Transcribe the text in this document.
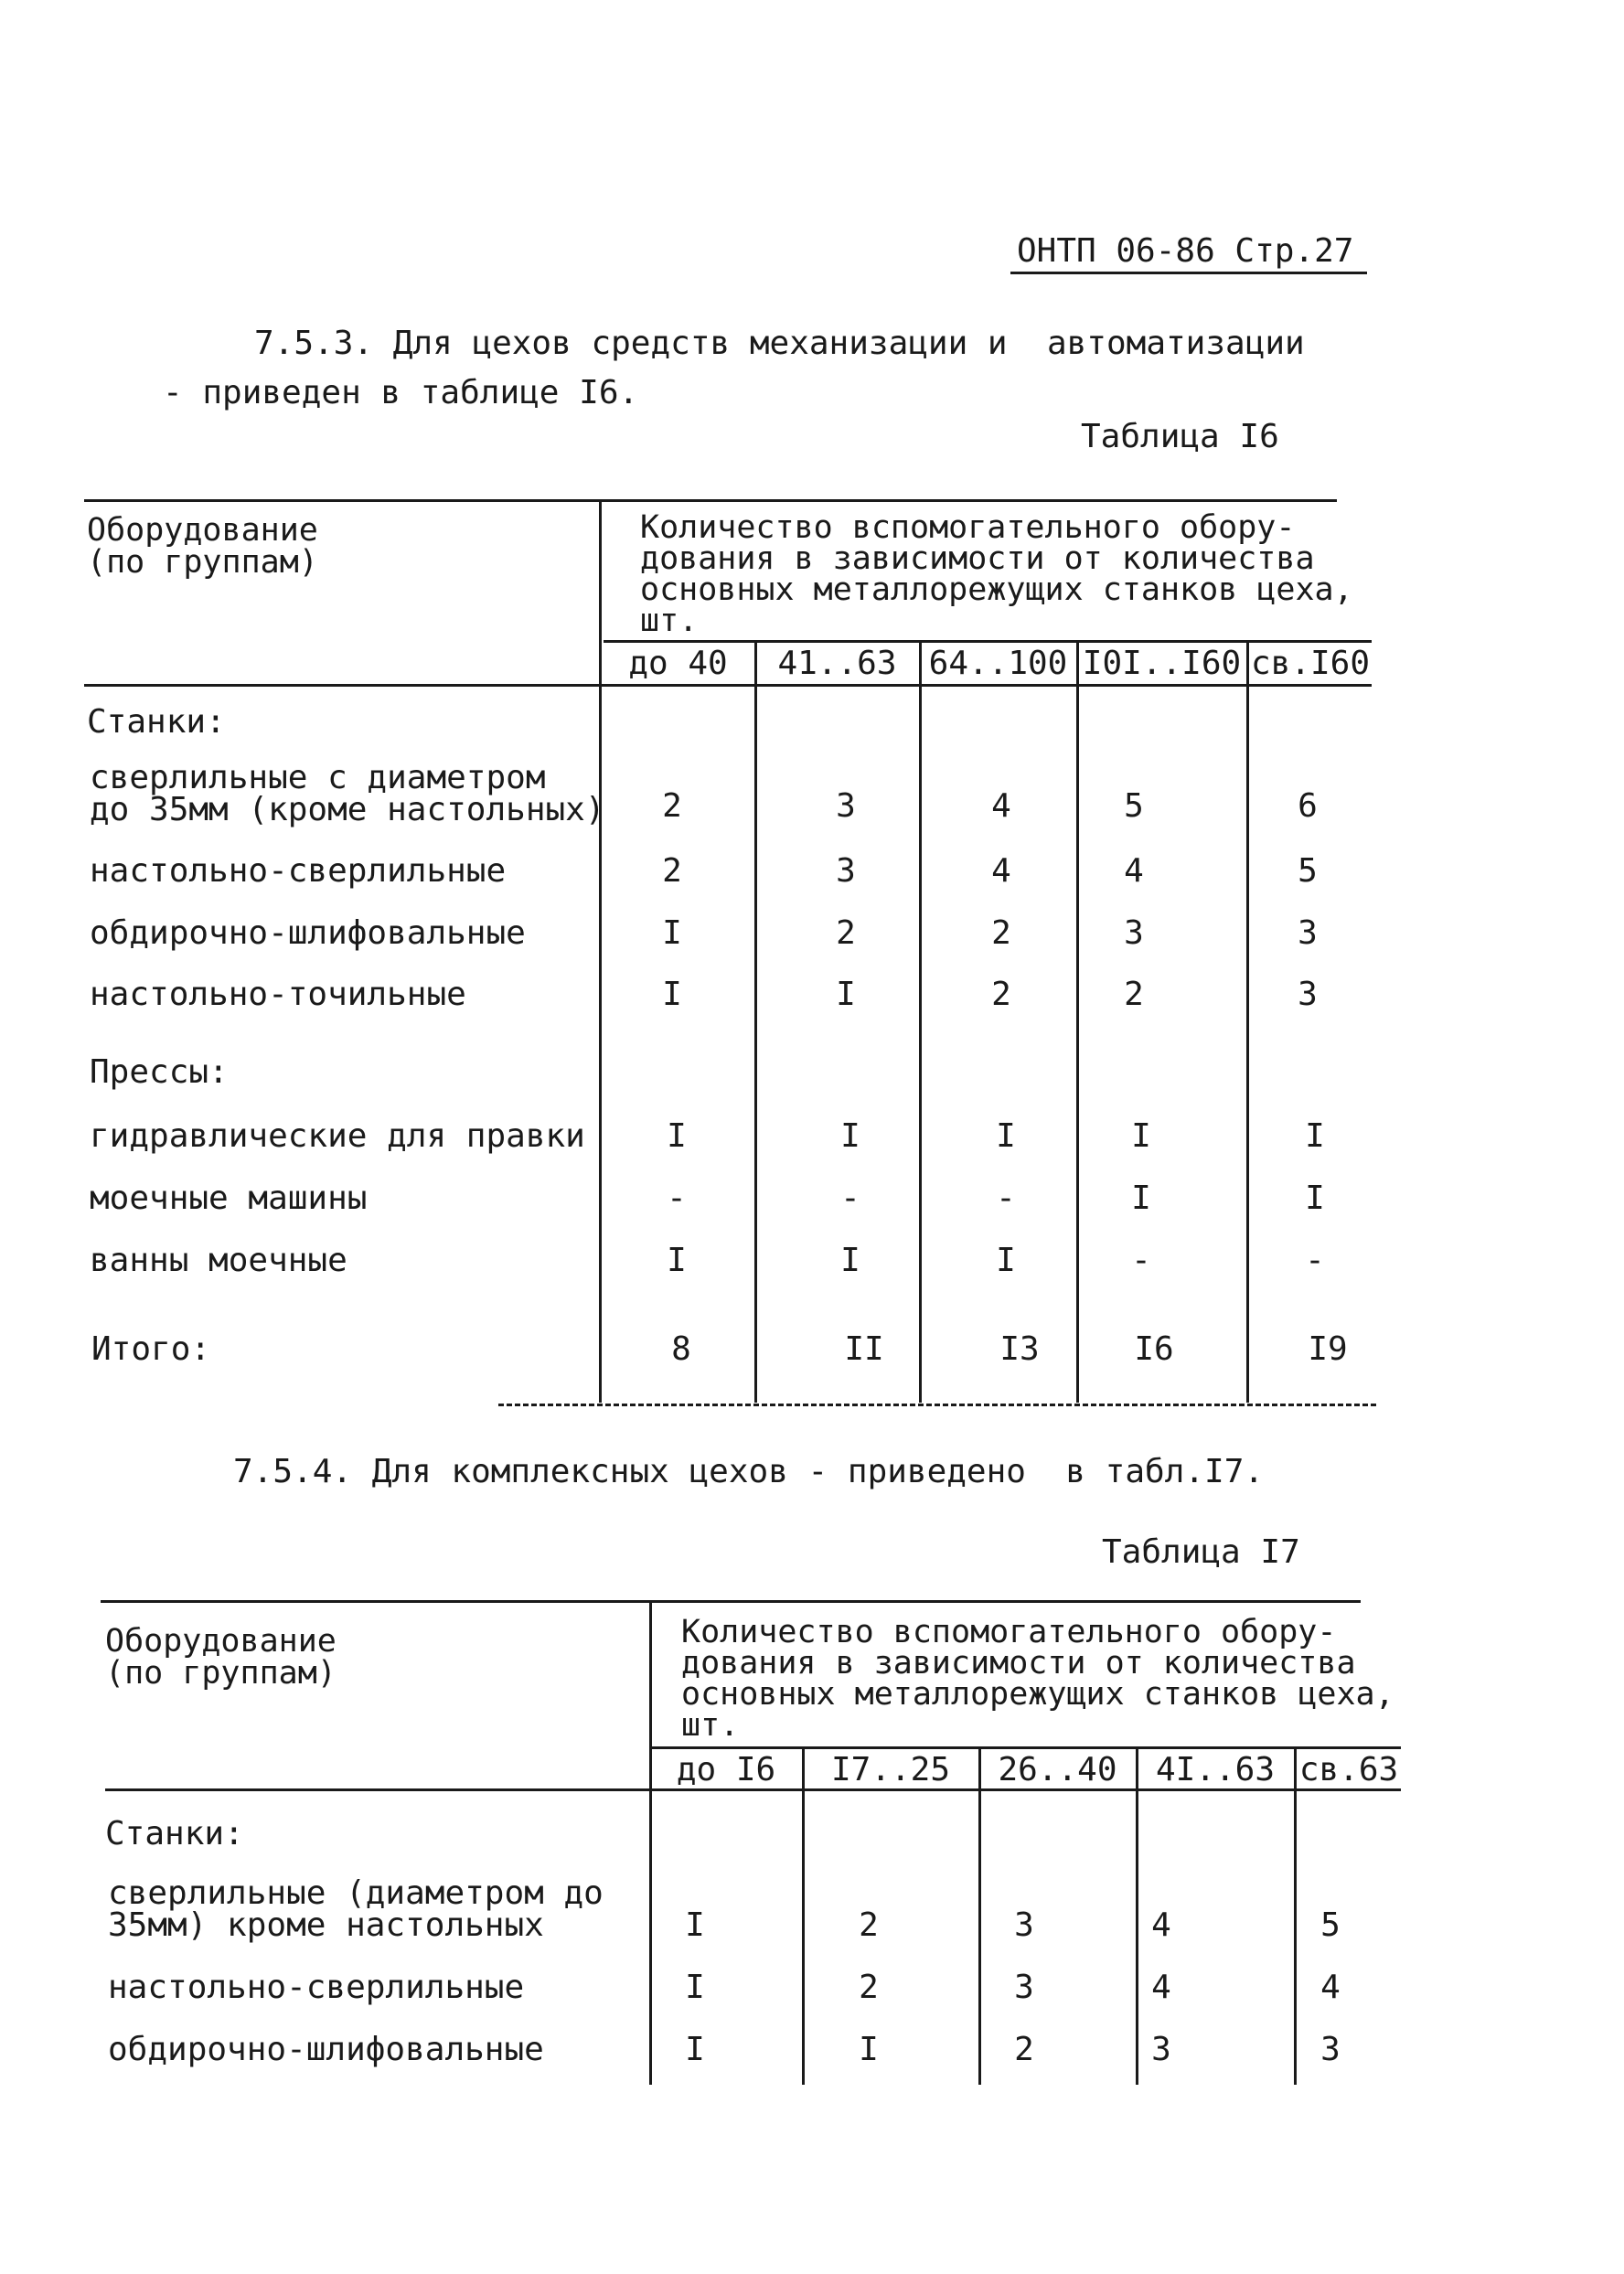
ОНТП 06-86 Стр.27
7.5.3. Для цехов средств механизации и  автоматизации
- приведен в таблице I6.
Таблица I6
Оборудование
(по группам)
Количество вспомогательного обору-
дования в зависимости от количества
основных металлорежущих станков цеха,
шт.
до 40	41..63 64..100 I0I..I60 св.I60
Станки:
сверлильные с диаметром
до 35мм (кроме настольных)	2	3	4	5	6
настольно-сверлильные	2	3	4	4	5
обдирочно-шлифовальные	I	2	2	3	3
настольно-точильные	I	I	2	2	3
Прессы:
гидравлические для правки	I	I	I	I	I
моечные машины	-	-	-	I	I
ванны моечные	I	I	I	-	-
Итого:	8	II	I3	I6	I9
7.5.4. Для комплексных цехов - приведено  в табл.I7.
Таблица I7
Оборудование
(по группам)
Количество вспомогательного обору-
дования в зависимости от количества
основных металлорежущих станков цеха,
шт.
до I6	I7..25	26..40	4I..63 св.63
Станки:
сверлильные (диаметром до
35мм) кроме настольных	I	2	3	4	5
настольно-сверлильные	I	2	3	4	4
обдирочно-шлифовальные	I	I	2	3	3
